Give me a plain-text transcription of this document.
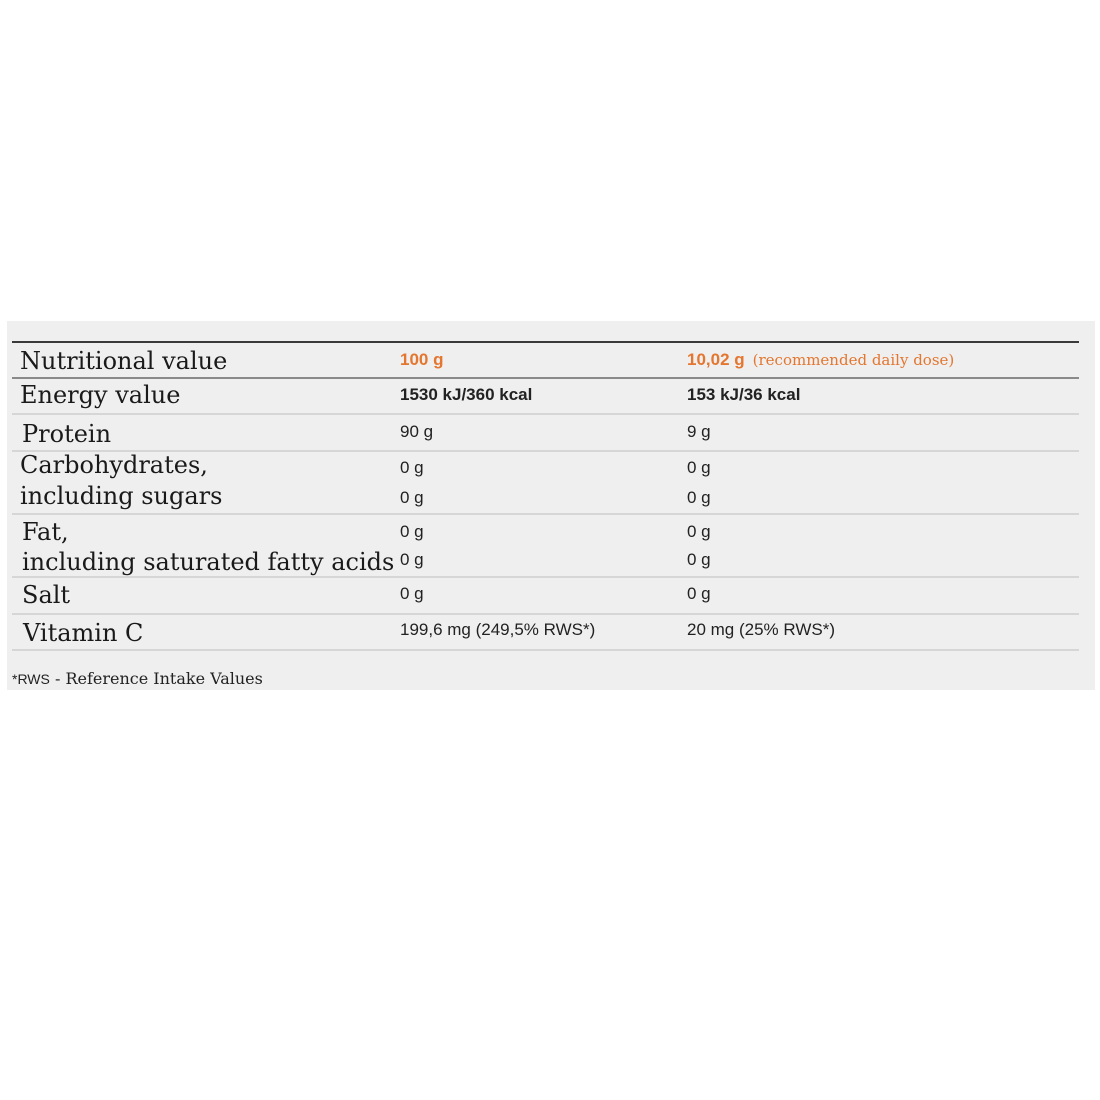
Nutritional value	100 g	10,02 g (recommended daily dose)
Energy value	1530 kJ/360 kcal	153 kJ/36 kcal
Protein	90 g	9 g
Carbohydrates,	0 g	0 g
including sugars	0 g	0 g
Fat,	0 g	0 g
including saturated fatty acids 0 g	0 g
Salt	0 g	0 g
Vitamin C	199,6 mg (249,5% RWS*)	20 mg (25% RWS*)
*RWS - Reference Intake Values
